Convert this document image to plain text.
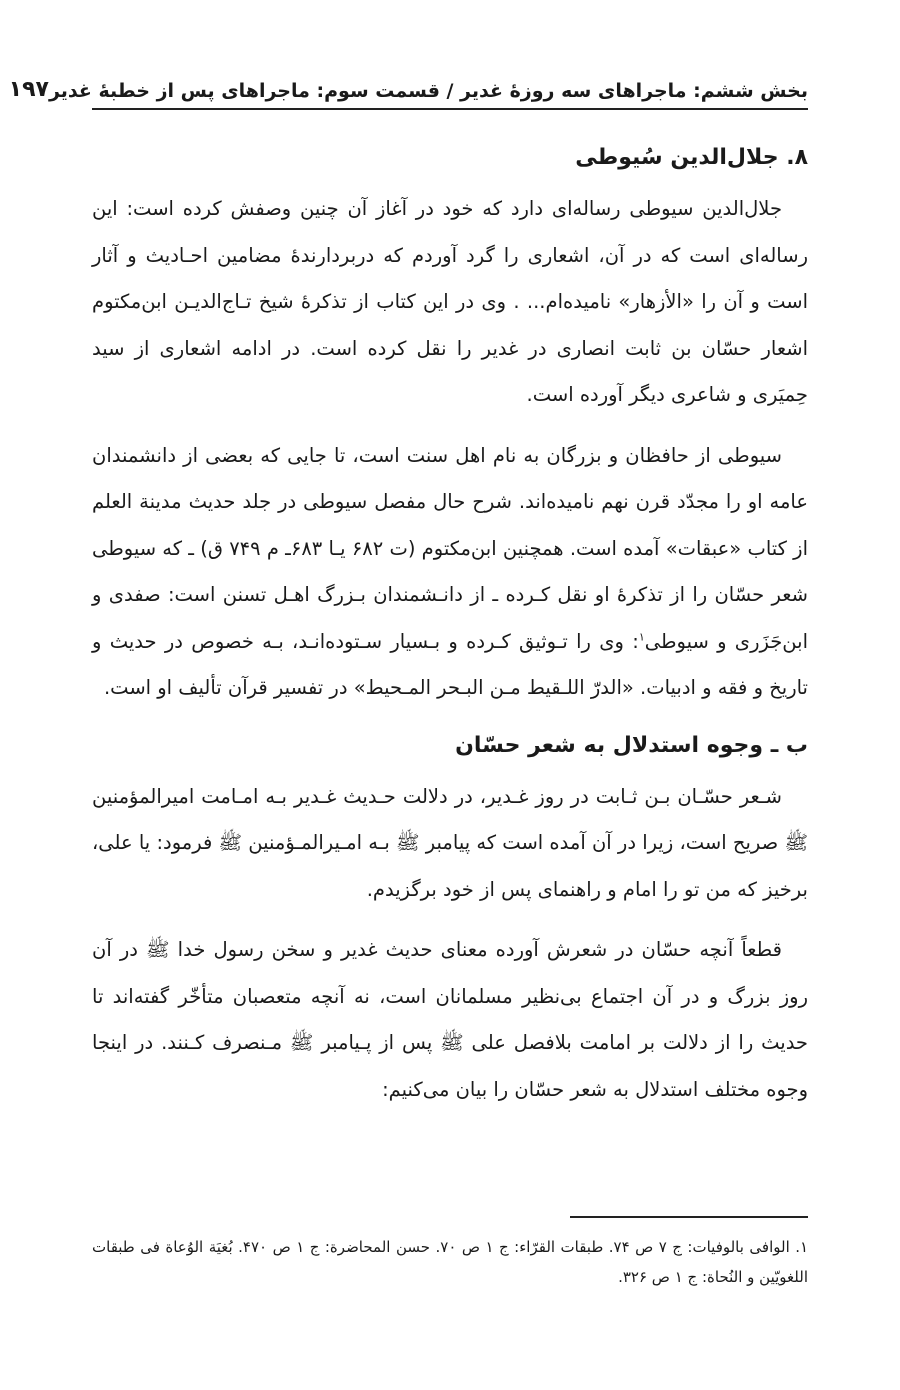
بخش ششم: ماجراهای سه روزهٔ غدیر / قسمت سوم: ماجراهای پس از خطبهٔ غدیر
۱۹۷
۸. جلال‌الدین سُیوطی

جلال‌الدین سیوطی رساله‌ای دارد که خود در آغاز آن چنین وصفش کرده است: این رساله‌ای است که در آن، اشعاری را گرد آوردم که دربردارندهٔ مضامین احـادیث و آثار است و آن را «الأزهار» نامیده‌ام... . وی در این کتاب از تذکرهٔ شیخ تـاج‌الدیـن ابن‌مکتوم اشعار حسّان بن ثابت انصاری در غدیر را نقل کرده است. در ادامه اشعاری از سید حِمیَری و شاعری دیگر آورده است.

سیوطی از حافظان و بزرگان به نام اهل سنت است، تا جایی که بعضی از دانشمندان عامه او را مجدّد قرن نهم نامیده‌اند. شرح حال مفصل سیوطی در جلد حدیث مدینة العلم از کتاب «عبقات» آمده است. همچنین ابن‌مکتوم (ت ۶۸۲ یـا ۶۸۳ـ م ۷۴۹ ق) ـ که سیوطی شعر حسّان را از تذکرهٔ او نقل کـرده ـ از دانـشمندان بـزرگ اهـل تسنن است: صفدی و ابن‌جَزَری و سیوطی$^۱$: وی را تـوثیق کـرده و بـسیار سـتوده‌انـد، بـه خصوص در حدیث و تاریخ و فقه و ادبیات. «الدرّ اللـقیط مـن البـحر المـحیط» در تفسیر قرآن تألیف او است.

ب ـ وجوه استدلال به شعر حسّان

شـعر حسّـان بـن ثـابت در روز غـدیر، در دلالت حـدیث غـدیر بـه امـامت امیرالمؤمنین ﷺ صریح است، زیرا در آن آمده است که پیامبر ﷺ بـه امـیرالمـؤمنین ﷺ فرمود: یا علی، برخیز که من تو را امام و راهنمای پس از خود برگزیدم.

قطعاً آنچه حسّان در شعرش آورده معنای حدیث غدیر و سخن رسول خدا ﷺ در آن روز بزرگ و در آن اجتماع بی‌نظیر مسلمانان است، نه آنچه متعصبان متأخّر گفته‌اند تا حدیث را از دلالت بر امامت بلافصل علی ﷺ پس از پـیامبر ﷺ مـنصرف کـنند. در اینجا وجوه مختلف استدلال به شعر حسّان را بیان می‌کنیم:

۱. الوافی بالوفیات: ج ۷ ص ۷۴. طبقات القرّاء: ج ۱ ص ۷۰. حسن المحاضرة: ج ۱ ص ۴۷۰. بُغیَة الوُعاة فی طبقات اللغویّین و النُحاة: ج ۱ ص ۳۲۶.
